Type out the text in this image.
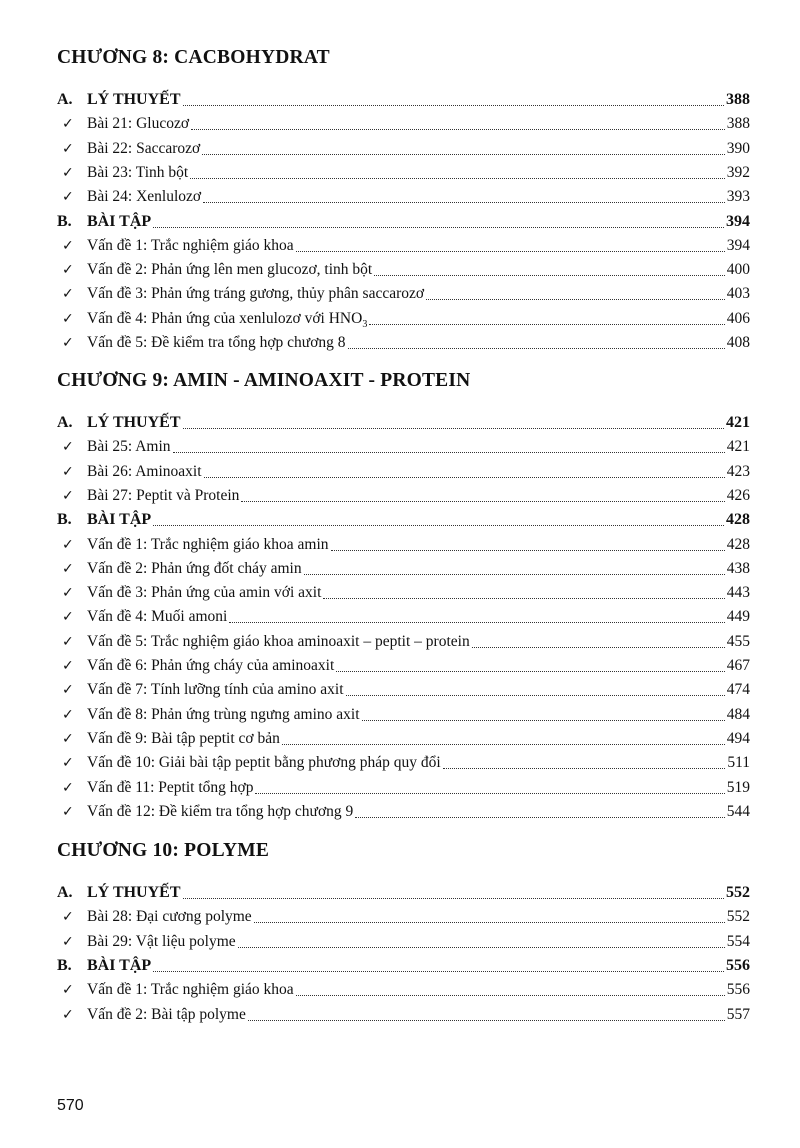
CHƯƠNG 8: CACBOHYDRAT
A. LÝ THUYẾT	388
✓ Bài 21: Glucozơ	388
✓ Bài 22: Saccarozơ	390
✓ Bài 23: Tinh bột	392
✓ Bài 24: Xenlulozơ	393
B. BÀI TẬP	394
✓ Vấn đề 1: Trắc nghiệm giáo khoa	394
✓ Vấn đề 2: Phản ứng lên men glucozơ, tinh bột	400
✓ Vấn đề 3: Phản ứng tráng gương, thủy phân saccarozơ	403
✓ Vấn đề 4: Phản ứng của xenlulozơ với $HNO_3$	406
✓ Vấn đề 5: Đề kiểm tra tổng hợp chương 8	408
CHƯƠNG 9: AMIN - AMINOAXIT - PROTEIN
A. LÝ THUYẾT	421
✓ Bài 25: Amin	421
✓ Bài 26: Aminoaxit	423
✓ Bài 27: Peptit và Protein	426
B. BÀI TẬP	428
✓ Vấn đề 1: Trắc nghiệm giáo khoa amin	428
✓ Vấn đề 2: Phản ứng đốt cháy amin	438
✓ Vấn đề 3: Phản ứng của amin với axit	443
✓ Vấn đề 4: Muối amoni	449
✓ Vấn đề 5: Trắc nghiệm giáo khoa aminoaxit – peptit – protein	455
✓ Vấn đề 6: Phản ứng cháy của aminoaxit	467
✓ Vấn đề 7: Tính lưỡng tính của amino axit	474
✓ Vấn đề 8: Phản ứng trùng ngưng amino axit	484
✓ Vấn đề 9: Bài tập peptit cơ bản	494
✓ Vấn đề 10: Giải bài tập peptit bằng phương pháp quy đổi	511
✓ Vấn đề 11: Peptit tổng hợp	519
✓ Vấn đề 12: Đề kiểm tra tổng hợp chương 9	544
CHƯƠNG 10: POLYME
A. LÝ THUYẾT	552
✓ Bài 28: Đại cương polyme	552
✓ Bài 29: Vật liệu polyme	554
B. BÀI TẬP	556
✓ Vấn đề 1: Trắc nghiệm giáo khoa	556
✓ Vấn đề 2: Bài tập polyme	557
570
